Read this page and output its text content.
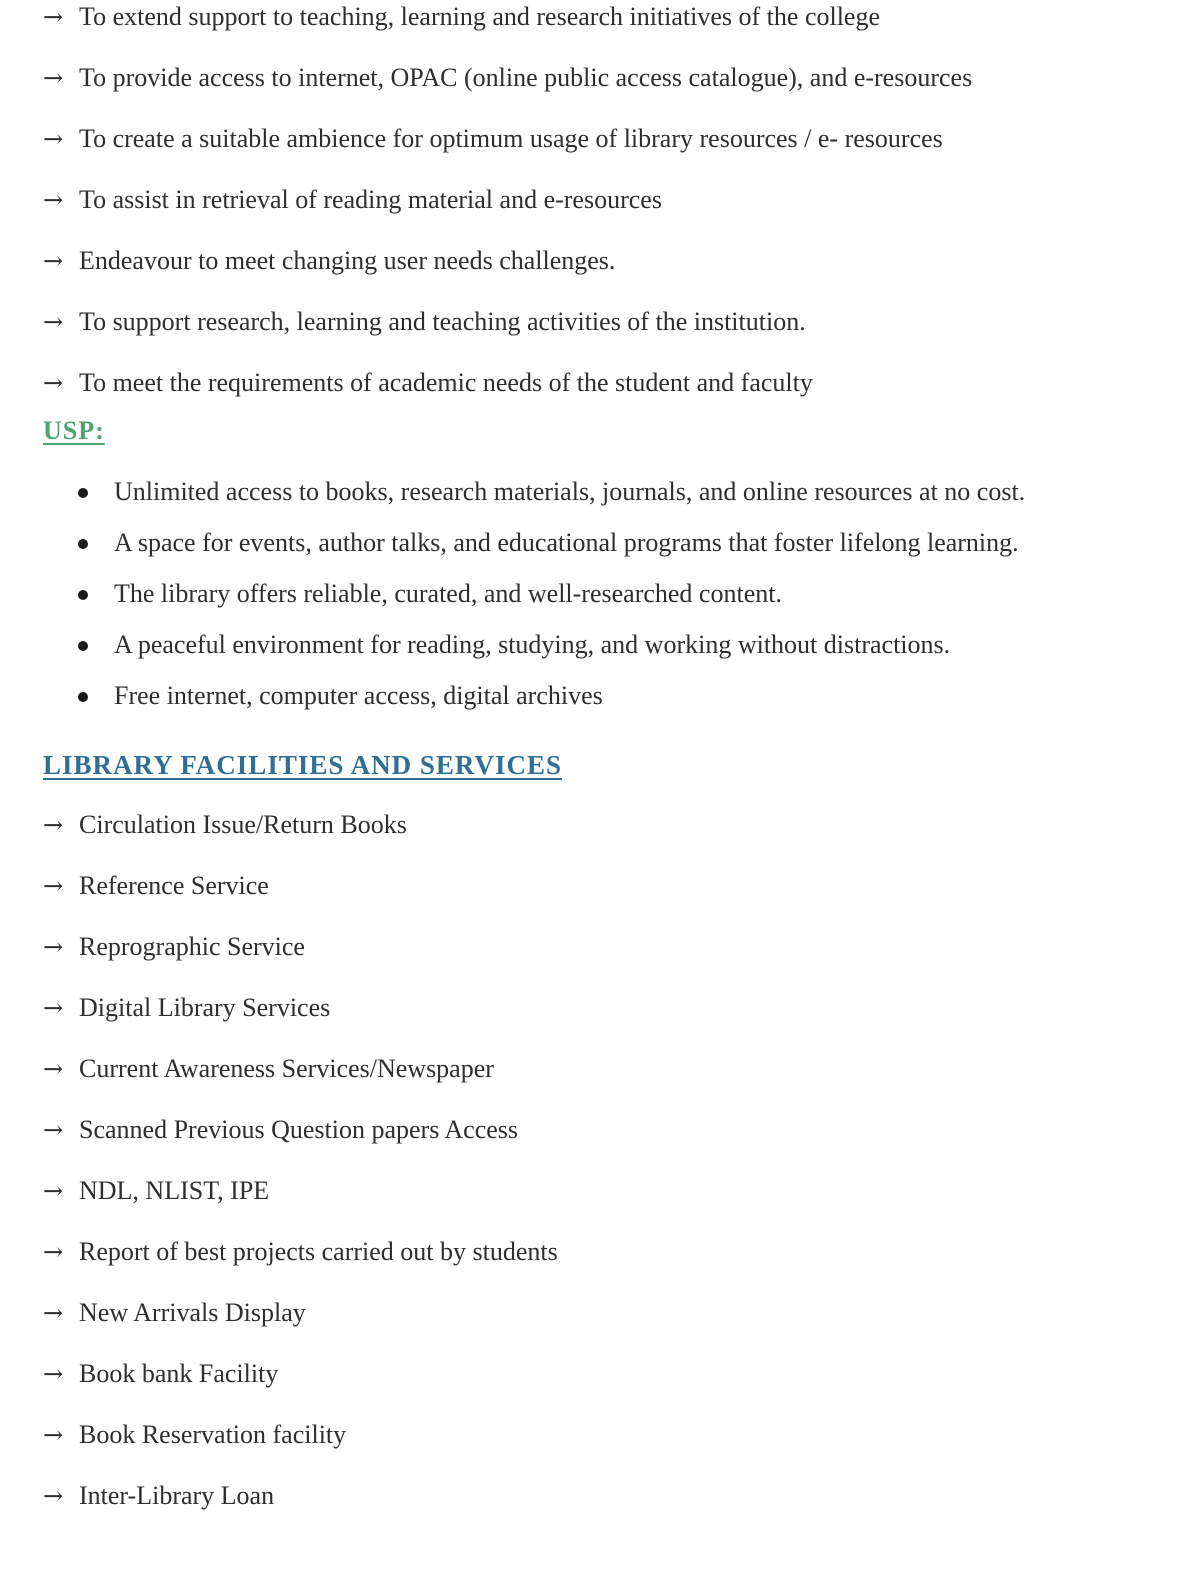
→ To extend support to teaching, learning and research initiatives of the college
→ To provide access to internet, OPAC (online public access catalogue), and e-resources
→ To create a suitable ambience for optimum usage of library resources / e- resources
→ To assist in retrieval of reading material and e-resources
→ Endeavour to meet changing user needs challenges.
→ To support research, learning and teaching activities of the institution.
→ To meet the requirements of academic needs of the student and faculty
USP:
Unlimited access to books, research materials, journals, and online resources at no cost.
A space for events, author talks, and educational programs that foster lifelong learning.
The library offers reliable, curated, and well-researched content.
A peaceful environment for reading, studying, and working without distractions.
Free internet, computer access, digital archives
LIBRARY FACILITIES AND SERVICES
→ Circulation Issue/Return Books
→ Reference Service
→ Reprographic Service
→ Digital Library Services
→ Current Awareness Services/Newspaper
→ Scanned Previous Question papers Access
→ NDL, NLIST, IPE
→ Report of best projects carried out by students
→ New Arrivals Display
→ Book bank Facility
→ Book Reservation facility
→ Inter-Library Loan
